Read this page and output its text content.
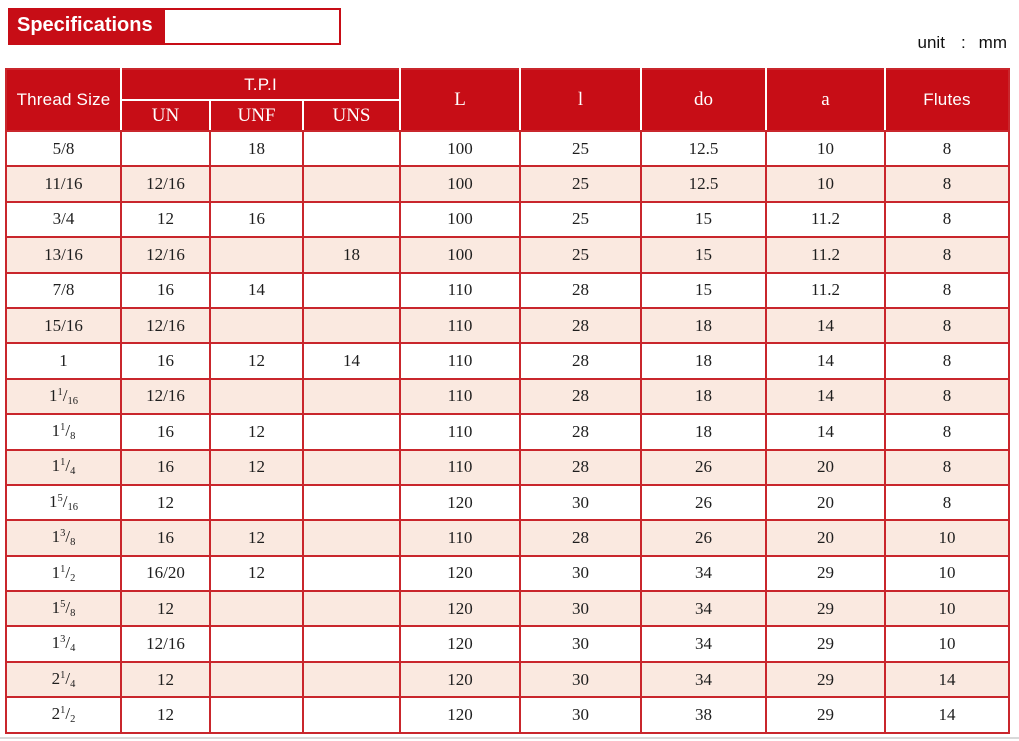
Specifications
unit : mm
Thread Size	T.P.I			L	l	do	a	Flutes
	UN	UNF	UNS					
5/8		18		100	25	12.5	10	8
11/16	12/16			100	25	12.5	10	8
3/4	12	16		100	25	15	11.2	8
13/16	12/16		18	100	25	15	11.2	8
7/8	16	14		110	28	15	11.2	8
15/16	12/16			110	28	18	14	8
1	16	12	14	110	28	18	14	8
$1^1/_{16}$	12/16			110	28	18	14	8
$1^1/_8$	16	12		110	28	18	14	8
$1^1/_4$	16	12		110	28	26	20	8
$1^5/_{16}$	12			120	30	26	20	8
$1^3/_8$	16	12		110	28	26	20	10
$1^1/_2$	16/20	12		120	30	34	29	10
$1^5/_8$	12			120	30	34	29	10
$1^3/_4$	12/16			120	30	34	29	10
$2^1/_4$	12			120	30	34	29	14
$2^1/_2$	12			120	30	38	29	14
